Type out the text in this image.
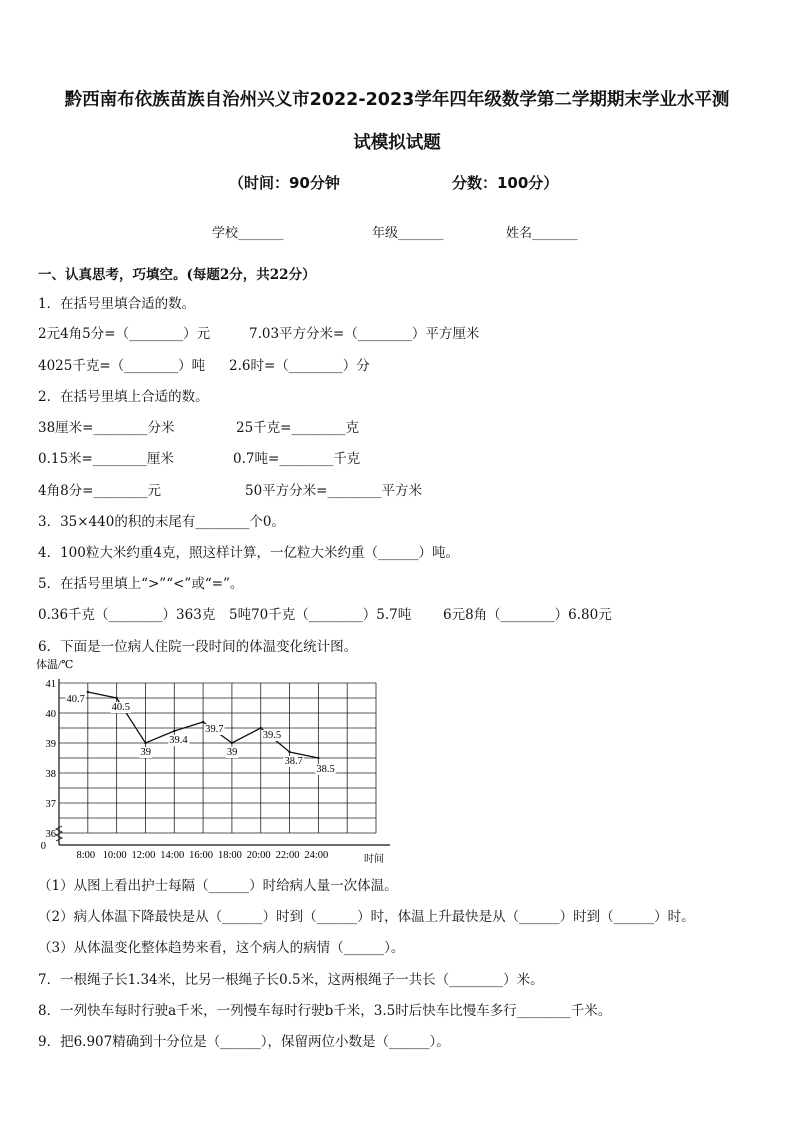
黔西南布依族苗族自治州兴义市2022-2023学年四年级数学第二学期期末学业水平测
试模拟试题
（时间：90分钟	分数：100分）
学校_______	年级_______	姓名_______
一、认真思考，巧填空。(每题2分，共22分）
1．在括号里填合适的数。
2元4角5分=（________）元	7.03平方分米=（________）平方厘米
4025千克=（________）吨 2.6时=（________）分
2．在括号里填上合适的数。
38厘米=________分米	25千克=________克
0.15米=________厘米	0.7吨=________千克
4角8分=________元	50平方分米=________平方米
3．35×440的积的末尾有________个0。
4．100粒大米约重4克，照这样计算，一亿粒大米约重（______）吨。
5．在括号里填上“>”“<”或“=”。
0.36千克（________）363克 5吨70千克（________）5.7吨 6元8角（________）6.80元
6．下面是一位病人住院一段时间的体温变化统计图。
36
37
38
39
40
41
0
8:00 10:00 12:00 14:00 16:00 18:00 20:00 22:00 24:00
40.7
40.5
39
39.4
39.7
39
39.5
38.7
38.5
体温/℃
时间
（1）从图上看出护士每隔（______）时给病人量一次体温。
（2）病人体温下降最快是从（______）时到（______）时，体温上升最快是从（______）时到（______）时。
（3）从体温变化整体趋势来看，这个病人的病情（______）。
7．一根绳子长1.34米，比另一根绳子长0.5米，这两根绳子一共长（________）米。
8．一列快车每时行驶a千米，一列慢车每时行驶b千米，3.5时后快车比慢车多行________千米。
9．把6.907精确到十分位是（______），保留两位小数是（______）。
